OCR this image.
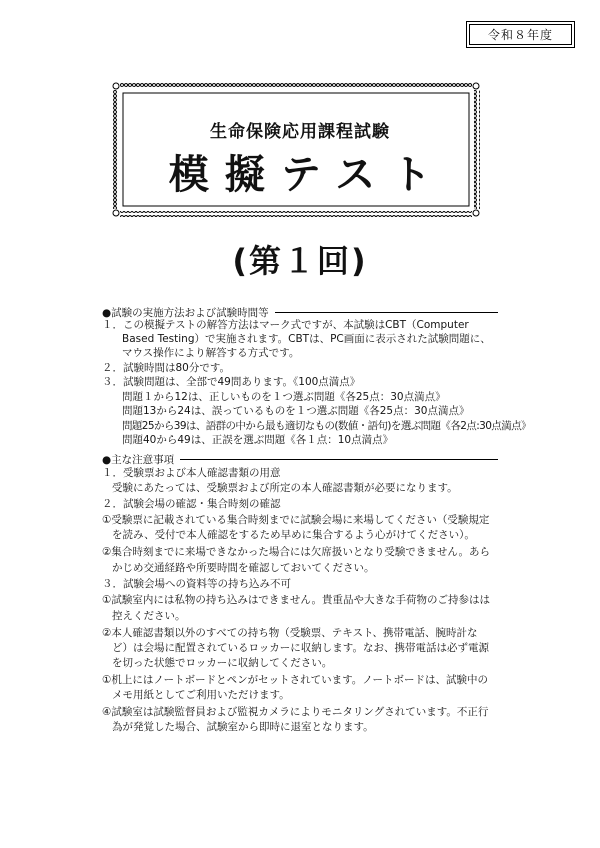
令和８年度
生命保険応用課程試験
模擬テスト
(第１回)
●試験の実施方法および試験時間等
１．この模擬テストの解答方法はマーク式ですが、本試験はCBT（Computer
Based Testing）で実施されます。CBTは、PC画面に表示された試験問題に、
マウス操作により解答する方式です。
２．試験時間は80分です。
３．試験問題は、全部で49問あります。《100点満点》
問題１から12は、正しいものを１つ選ぶ問題《各25点：30点満点》
問題13から24は、誤っているものを１つ選ぶ問題《各25点：30点満点》
問題25から39は、語群の中から最も適切なもの(数値・語句)を選ぶ問題《各2点:30点満点》
問題40から49は、正誤を選ぶ問題《各１点：10点満点》
●主な注意事項
１．受験票および本人確認書類の用意
受験にあたっては、受験票および所定の本人確認書類が必要になります。
２．試験会場の確認・集合時刻の確認
①受験票に記載されている集合時刻までに試験会場に来場してください（受験規定
を読み、受付で本人確認をするため早めに集合するよう心がけてください）。
②集合時刻までに来場できなかった場合には欠席扱いとなり受験できません。あら
かじめ交通経路や所要時間を確認しておいてください。
３．試験会場への資料等の持ち込み不可
①試験室内には私物の持ち込みはできません。貴重品や大きな手荷物のご持参はは
控えください。
②本人確認書類以外のすべての持ち物（受験票、テキスト、携帯電話、腕時計な
ど）は会場に配置されているロッカーに収納します。なお、携帯電話は必ず電源
を切った状態でロッカーに収納してください。
①机上にはノートボードとペンがセットされています。ノートボードは、試験中の
メモ用紙としてご利用いただけます。
④試験室は試験監督員および監視カメラによりモニタリングされています。不正行
為が発覚した場合、試験室から即時に退室となります。
